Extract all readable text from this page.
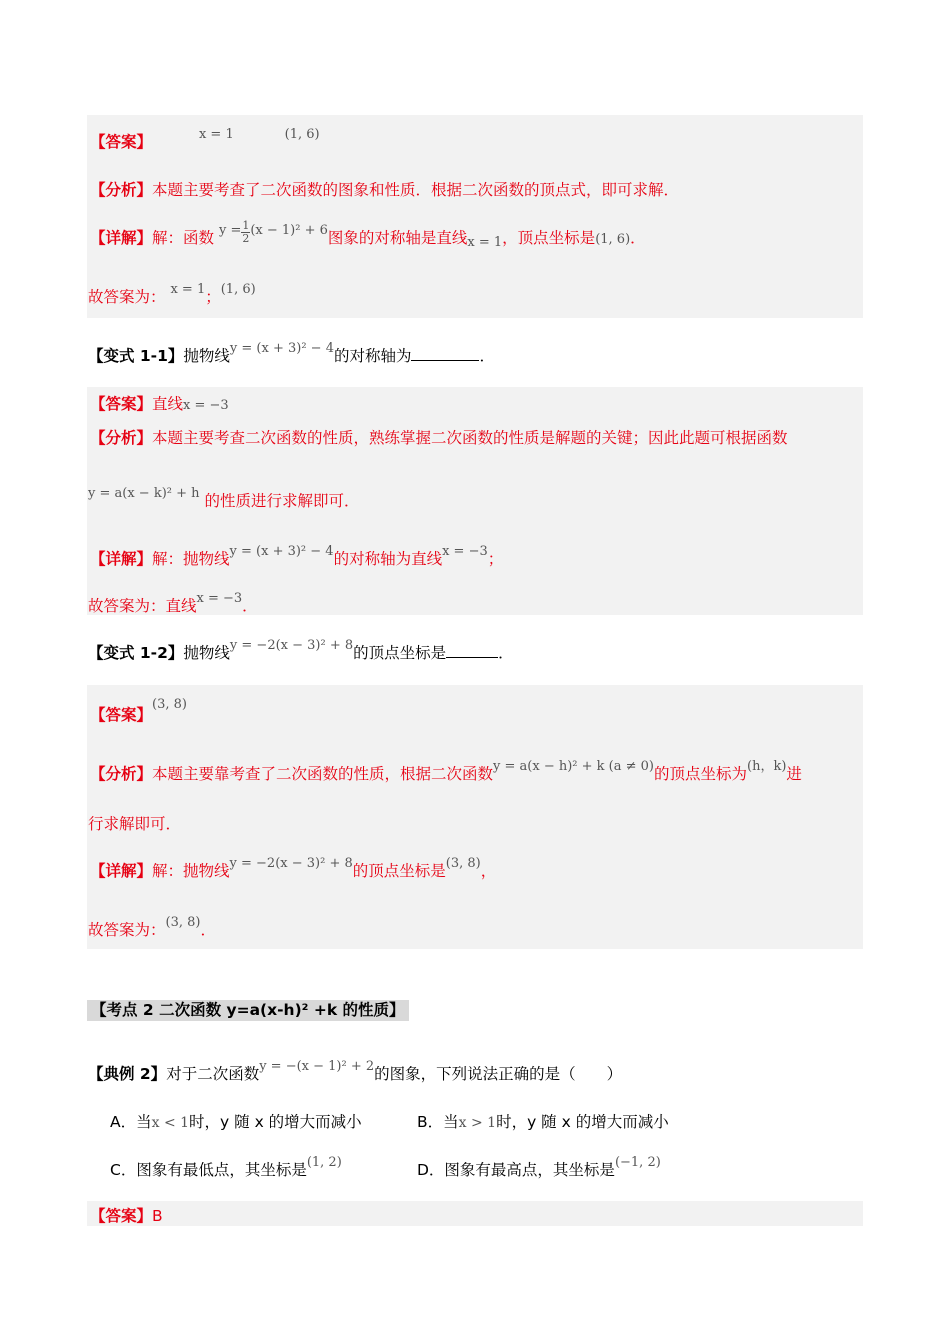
【答案】	$^{x = 1}$	$^{(1, 6)}$
【分析】本题主要考查了二次函数的图象和性质．根据二次函数的顶点式，即可求解．
【详解】解：函数 $^{y =} \frac{1}{2} ^{(x - 1)^2 + 6}$图象的对称轴是直线x = 1，顶点坐标是(1, 6)．
故答案为： $^{x = 1}$；$^{(1, 6)}$
【变式 1-1】抛物线$^{y = (x + 3)^2 - 4}$的对称轴为	．
【答案】直线x = −3
【分析】本题主要考查二次函数的性质，熟练掌握二次函数的性质是解题的关键；因此此题可根据函数
$^{y = a(x - k)^2 + h}$ 的性质进行求解即可．
【详解】解：抛物线$^{y = (x + 3)^2 - 4}$的对称轴为直线$^{x = -3}$；
故答案为：直线$^{x = -3}$．
【变式 1-2】抛物线$^{y = -2(x - 3)^2 + 8}$的顶点坐标是	．
【答案】$^{(3, 8)}$
【分析】本题主要靠考查了二次函数的性质，根据二次函数$^{y = a(x - h)^2 + k (a \ne 0)}$的顶点坐标为$^{(h,k)}$进
行求解即可．
【详解】解：抛物线$^{y = -2(x - 3)^2 + 8}$的顶点坐标是$^{(3, 8)}$，
故答案为：$^{(3, 8)}$．
【考点 2 二次函数 y=a(x-h)² +k 的性质】
【典例 2】对于二次函数$^{y = -(x - 1)^2 + 2}$的图象，下列说法正确的是（　　）
A．当x < 1时，y 随 x 的增大而减小	B．当x > 1时，y 随 x 的增大而减小
C．图象有最低点，其坐标是$^{(1, 2)}$	D．图象有最高点，其坐标是$^{(-1, 2)}$
【答案】B
